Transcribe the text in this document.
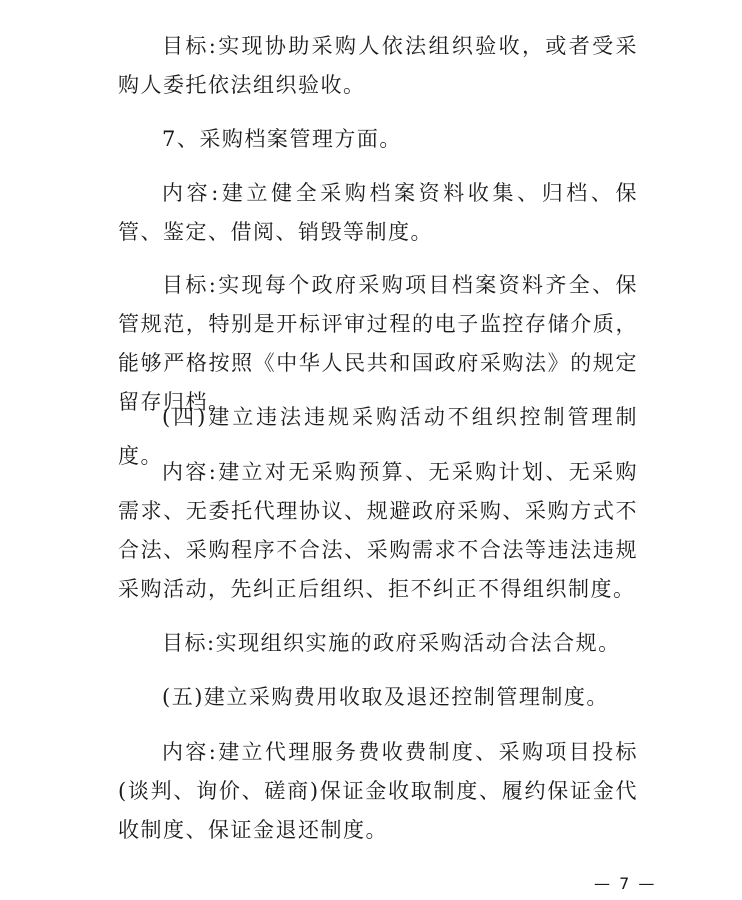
目标:实现协助采购人依法组织验收，或者受采购人委托依法组织验收。

7、采购档案管理方面。

内容:建立健全采购档案资料收集、归档、保管、鉴定、借阅、销毁等制度。

目标:实现每个政府采购项目档案资料齐全、保管规范，特别是开标评审过程的电子监控存储介质，能够严格按照《中华人民共和国政府采购法》的规定留存归档。

(四)建立违法违规采购活动不组织控制管理制度。

内容:建立对无采购预算、无采购计划、无采购需求、无委托代理协议、规避政府采购、采购方式不合法、采购程序不合法、采购需求不合法等违法违规采购活动，先纠正后组织、拒不纠正不得组织制度。

目标:实现组织实施的政府采购活动合法合规。

(五)建立采购费用收取及退还控制管理制度。

内容:建立代理服务费收费制度、采购项目投标(谈判、询价、磋商)保证金收取制度、履约保证金代收制度、保证金退还制度。

— 7 —
